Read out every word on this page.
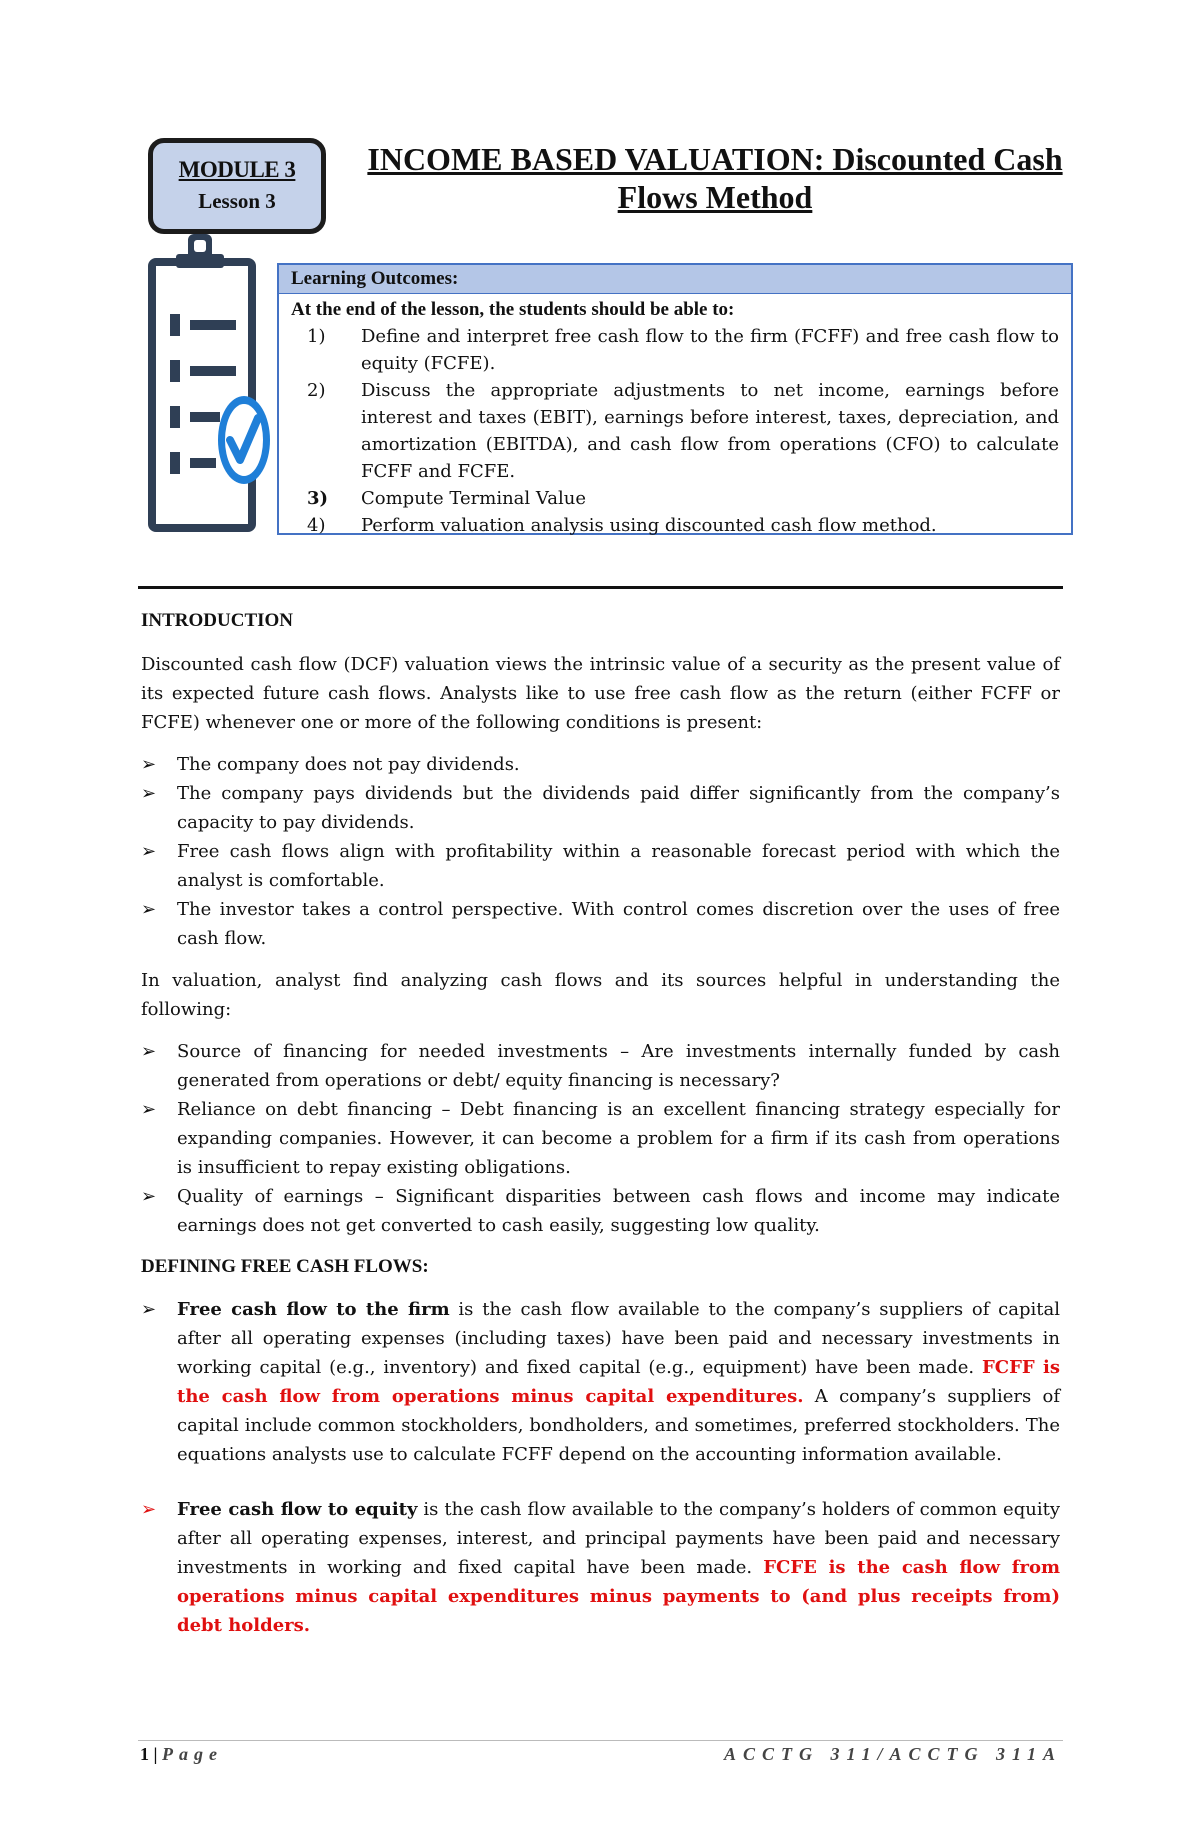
MODULE 3
Lesson 3
INCOME BASED VALUATION: Discounted Cash Flows Method
Learning Outcomes:
At the end of the lesson, the students should be able to:
1) Define and interpret free cash flow to the firm (FCFF) and free cash flow to equity (FCFE).
2) Discuss the appropriate adjustments to net income, earnings before interest and taxes (EBIT), earnings before interest, taxes, depreciation, and amortization (EBITDA), and cash flow from operations (CFO) to calculate FCFF and FCFE.
3) Compute Terminal Value
4) Perform valuation analysis using discounted cash flow method.

INTRODUCTION

Discounted cash flow (DCF) valuation views the intrinsic value of a security as the present value of its expected future cash flows. Analysts like to use free cash flow as the return (either FCFF or FCFE) whenever one or more of the following conditions is present:

➢ The company does not pay dividends.
➢ The company pays dividends but the dividends paid differ significantly from the company’s capacity to pay dividends.
➢ Free cash flows align with profitability within a reasonable forecast period with which the analyst is comfortable.
➢ The investor takes a control perspective. With control comes discretion over the uses of free cash flow.

In valuation, analyst find analyzing cash flows and its sources helpful in understanding the following:

➢ Source of financing for needed investments – Are investments internally funded by cash generated from operations or debt/ equity financing is necessary?
➢ Reliance on debt financing – Debt financing is an excellent financing strategy especially for expanding companies. However, it can become a problem for a firm if its cash from operations is insufficient to repay existing obligations.
➢ Quality of earnings – Significant disparities between cash flows and income may indicate earnings does not get converted to cash easily, suggesting low quality.

DEFINING FREE CASH FLOWS:

➢ Free cash flow to the firm is the cash flow available to the company’s suppliers of capital after all operating expenses (including taxes) have been paid and necessary investments in working capital (e.g., inventory) and fixed capital (e.g., equipment) have been made. FCFF is the cash flow from operations minus capital expenditures. A company’s suppliers of capital include common stockholders, bondholders, and sometimes, preferred stockholders. The equations analysts use to calculate FCFF depend on the accounting information available.
➢ Free cash flow to equity is the cash flow available to the company’s holders of common equity after all operating expenses, interest, and principal payments have been paid and necessary investments in working and fixed capital have been made. FCFE is the cash flow from operations minus capital expenditures minus payments to (and plus receipts from) debt holders.
1 | Page	ACCTG 311/ACCTG 311A
